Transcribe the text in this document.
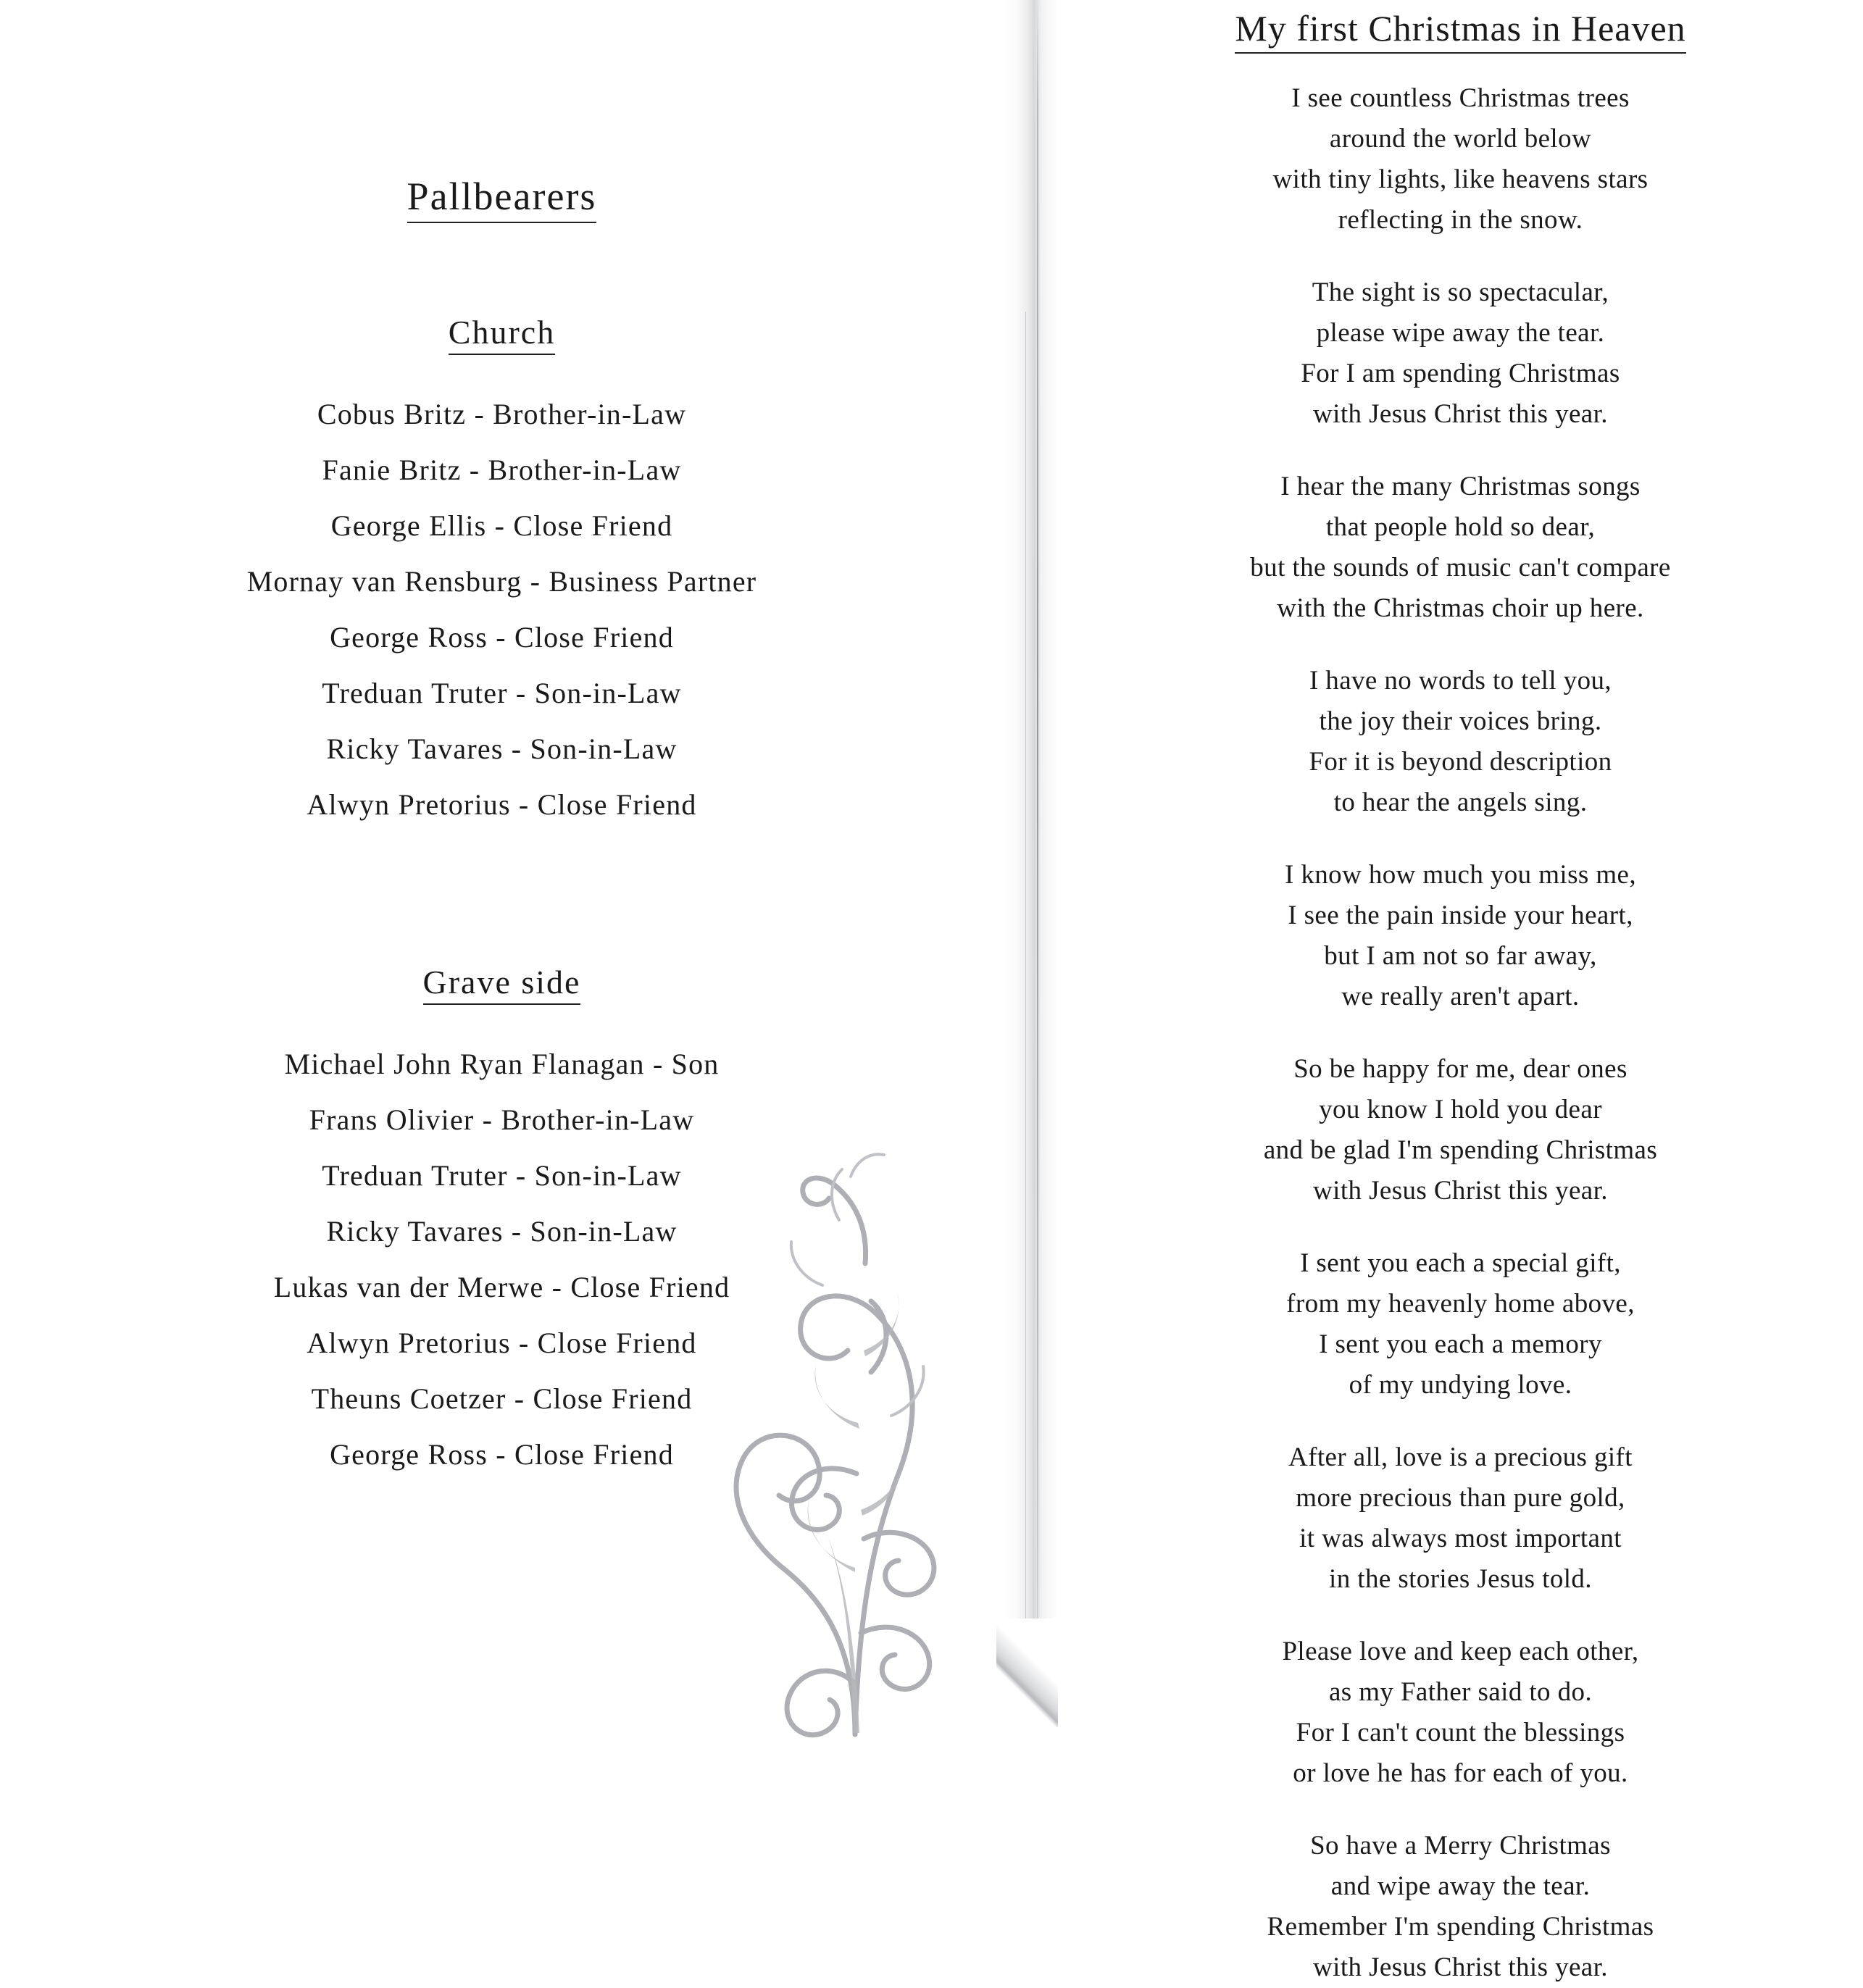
Pallbearers
Church
Cobus Britz - Brother-in-Law
Fanie Britz - Brother-in-Law
George Ellis - Close Friend
Mornay van Rensburg - Business Partner
George Ross - Close Friend
Treduan Truter - Son-in-Law
Ricky Tavares - Son-in-Law
Alwyn Pretorius - Close Friend
Grave side
Michael John Ryan Flanagan - Son
Frans Olivier - Brother-in-Law
Treduan Truter - Son-in-Law
Ricky Tavares - Son-in-Law
Lukas van der Merwe - Close Friend
Alwyn Pretorius - Close Friend
Theuns Coetzer - Close Friend
George Ross - Close Friend
My first Christmas in Heaven

I see countless Christmas trees

around the world below

with tiny lights, like heavens stars

reflecting in the snow.

The sight is so spectacular,

please wipe away the tear.

For I am spending Christmas

with Jesus Christ this year.

I hear the many Christmas songs

that people hold so dear,

but the sounds of music can't compare

with the Christmas choir up here.

I have no words to tell you,

the joy their voices bring.

For it is beyond description

to hear the angels sing.

I know how much you miss me,

I see the pain inside your heart,

but I am not so far away,

we really aren't apart.

So be happy for me, dear ones

you know I hold you dear

and be glad I'm spending Christmas

with Jesus Christ this year.

I sent you each a special gift,

from my heavenly home above,

I sent you each a memory

of my undying love.

After all, love is a precious gift

more precious than pure gold,

it was always most important

in the stories Jesus told.

Please love and keep each other,

as my Father said to do.

For I can't count the blessings

or love he has for each of you.

So have a Merry Christmas

and wipe away the tear.

Remember I'm spending Christmas

with Jesus Christ this year.
